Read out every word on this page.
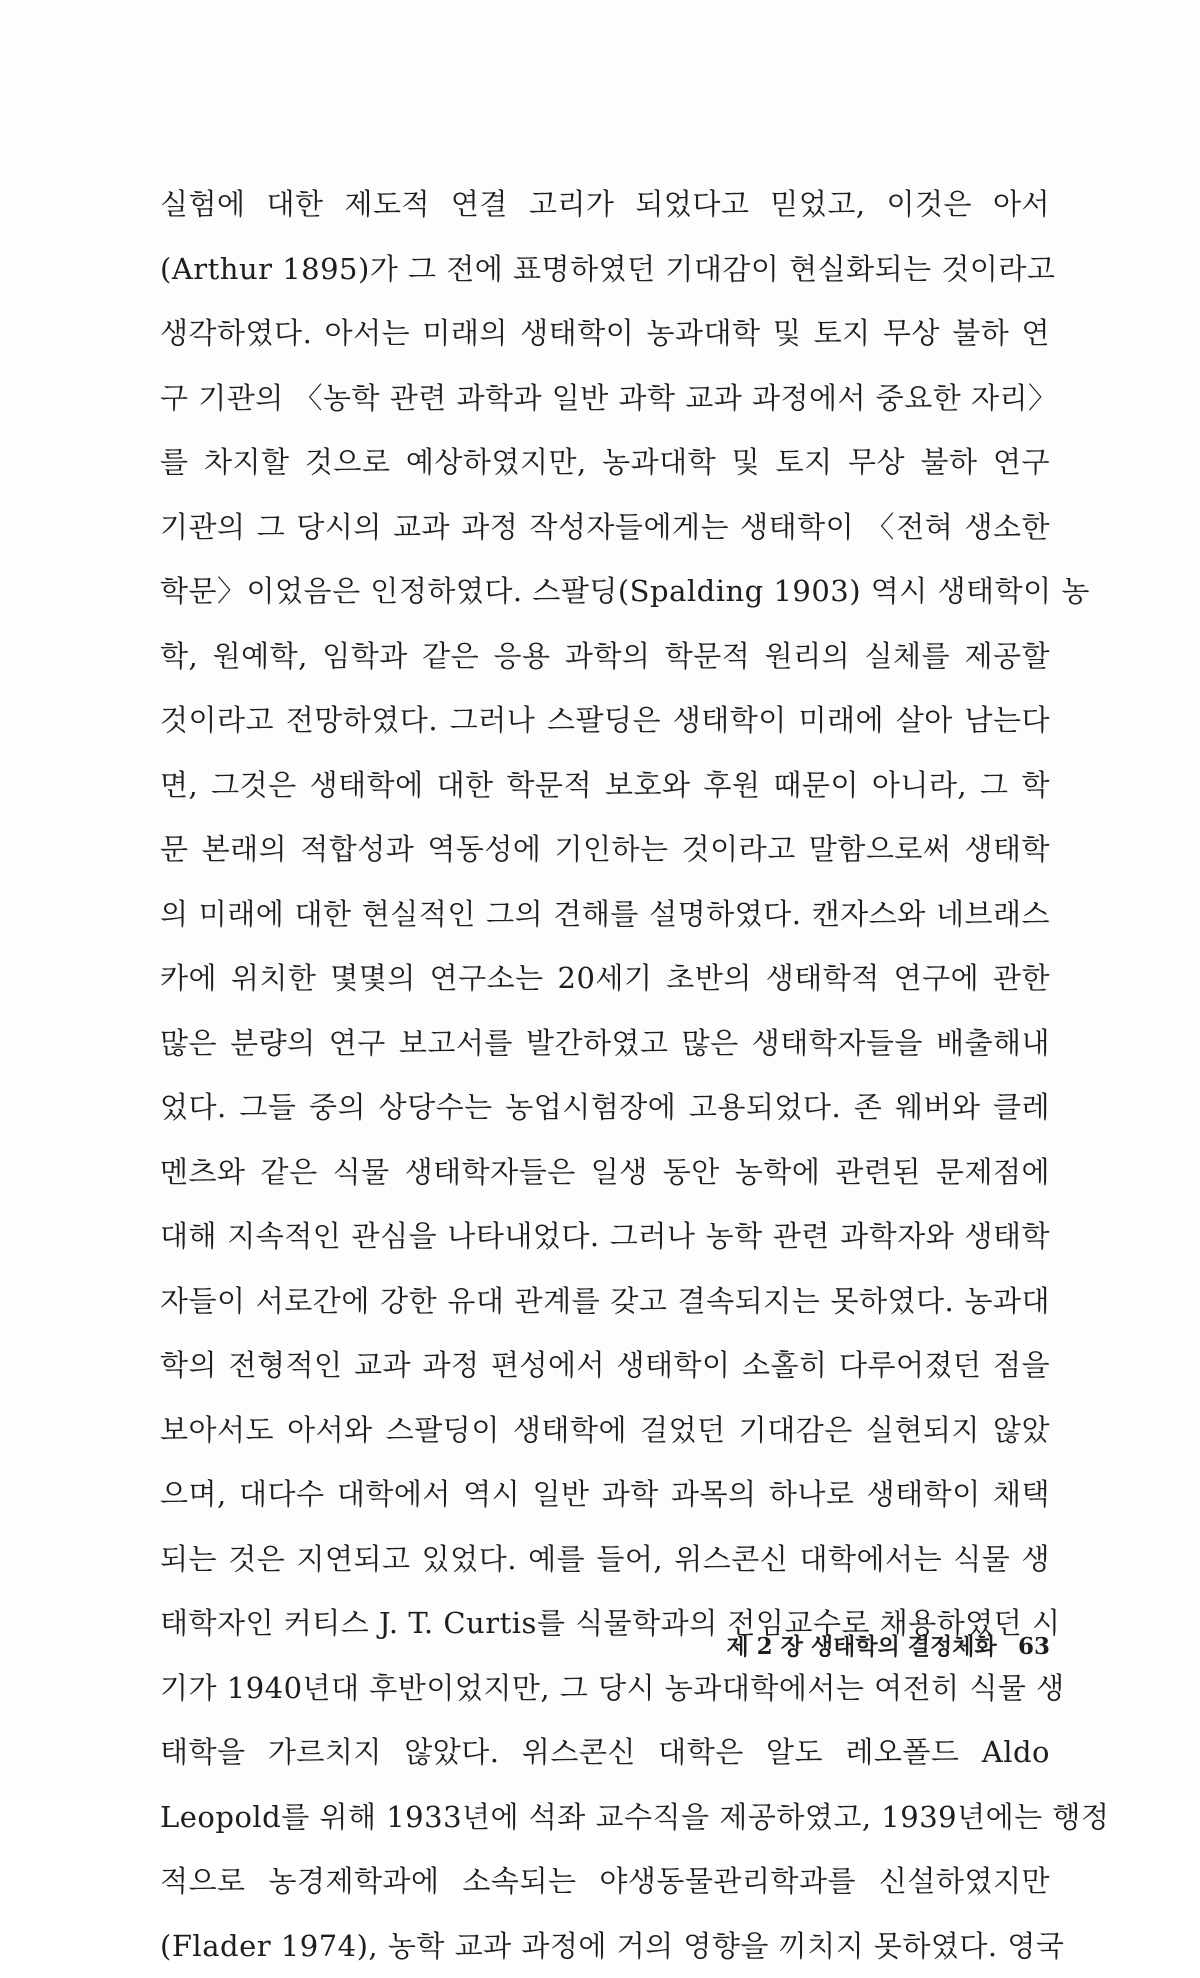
실험에 대한 제도적 연결 고리가 되었다고 믿었고, 이것은 아서
(Arthur 1895)가 그 전에 표명하였던 기대감이 현실화되는 것이라고
생각하였다. 아서는 미래의 생태학이 농과대학 및 토지 무상 불하 연
구 기관의 〈농학 관련 과학과 일반 과학 교과 과정에서 중요한 자리〉
를 차지할 것으로 예상하였지만, 농과대학 및 토지 무상 불하 연구
기관의 그 당시의 교과 과정 작성자들에게는 생태학이 〈전혀 생소한
학문〉이었음은 인정하였다. 스팔딩(Spalding 1903) 역시 생태학이 농
학, 원예학, 임학과 같은 응용 과학의 학문적 원리의 실체를 제공할
것이라고 전망하였다. 그러나 스팔딩은 생태학이 미래에 살아 남는다
면, 그것은 생태학에 대한 학문적 보호와 후원 때문이 아니라, 그 학
문 본래의 적합성과 역동성에 기인하는 것이라고 말함으로써 생태학
의 미래에 대한 현실적인 그의 견해를 설명하였다. 캔자스와 네브래스
카에 위치한 몇몇의 연구소는 20세기 초반의 생태학적 연구에 관한
많은 분량의 연구 보고서를 발간하였고 많은 생태학자들을 배출해내
었다. 그들 중의 상당수는 농업시험장에 고용되었다. 존 웨버와 클레
멘츠와 같은 식물 생태학자들은 일생 동안 농학에 관련된 문제점에
대해 지속적인 관심을 나타내었다. 그러나 농학 관련 과학자와 생태학
자들이 서로간에 강한 유대 관계를 갖고 결속되지는 못하였다. 농과대
학의 전형적인 교과 과정 편성에서 생태학이 소홀히 다루어졌던 점을
보아서도 아서와 스팔딩이 생태학에 걸었던 기대감은 실현되지 않았
으며, 대다수 대학에서 역시 일반 과학 과목의 하나로 생태학이 채택
되는 것은 지연되고 있었다. 예를 들어, 위스콘신 대학에서는 식물 생
태학자인 커티스 J. T. Curtis를 식물학과의 전임교수로 채용하였던 시
기가 1940년대 후반이었지만, 그 당시 농과대학에서는 여전히 식물 생
태학을 가르치지 않았다. 위스콘신 대학은 알도 레오폴드 Aldo
Leopold를 위해 1933년에 석좌 교수직을 제공하였고, 1939년에는 행정
적으로 농경제학과에 소속되는 야생동물관리학과를 신설하였지만
(Flader 1974), 농학 교과 과정에 거의 영향을 끼치지 못하였다. 영국
제 2 장 생태학의 결정체화 63
